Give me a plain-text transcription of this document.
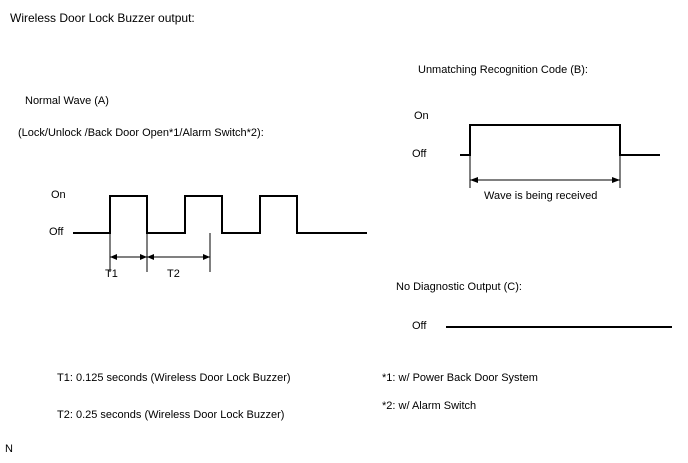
Wireless Door Lock Buzzer output:
Normal Wave (A)
(Lock/Unlock /Back Door Open*1/Alarm Switch*2):
On
Off
T1	T2
Unmatching Recognition Code (B):
On
Off
Wave is being received
No Diagnostic Output (C):
Off
T1: 0.125 seconds (Wireless Door Lock Buzzer)
T2: 0.25 seconds (Wireless Door Lock Buzzer)
*1: w/ Power Back Door System
*2: w/ Alarm Switch
N
